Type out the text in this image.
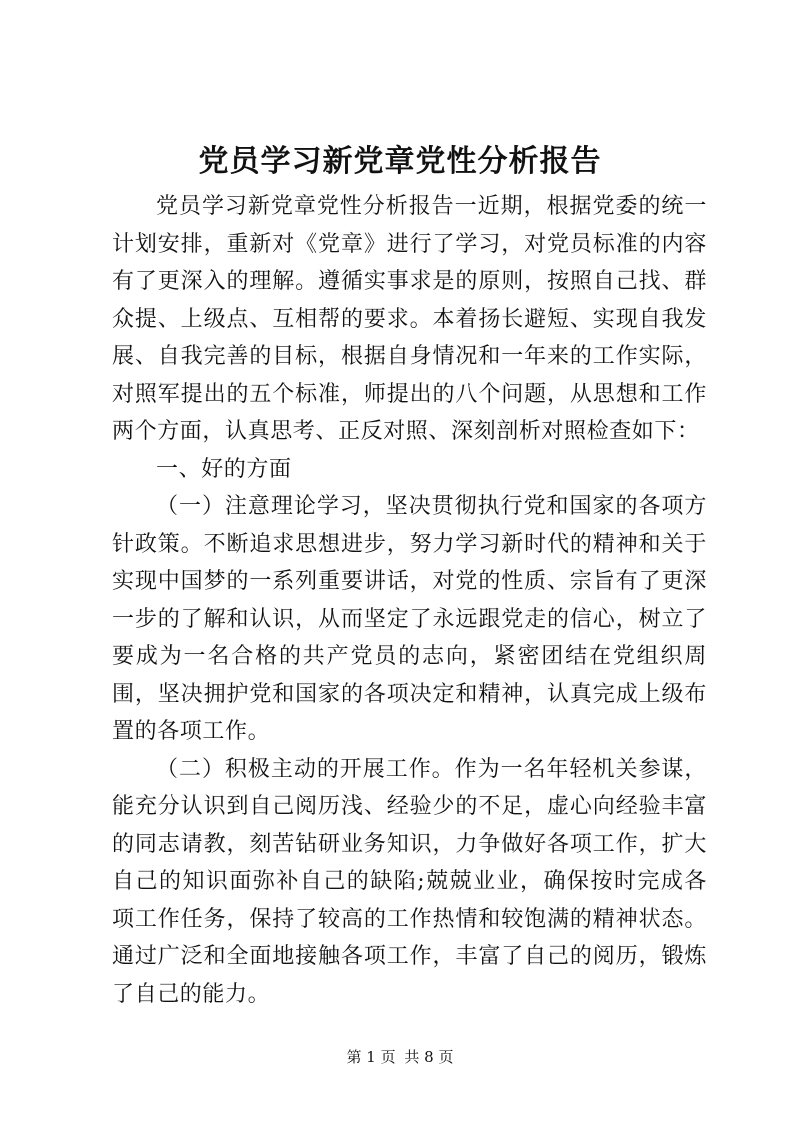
党员学习新党章党性分析报告

党员学习新党章党性分析报告一近期，根据党委的统一计划安排，重新对《党章》进行了学习，对党员标准的内容有了更深入的理解。遵循实事求是的原则，按照自己找、群众提、上级点、互相帮的要求。本着扬长避短、实现自我发展、自我完善的目标，根据自身情况和一年来的工作实际，对照军提出的五个标准，师提出的八个问题，从思想和工作两个方面，认真思考、正反对照、深刻剖析对照检查如下：

一、好的方面

（一）注意理论学习，坚决贯彻执行党和国家的各项方针政策。不断追求思想进步，努力学习新时代的精神和关于实现中国梦的一系列重要讲话，对党的性质、宗旨有了更深一步的了解和认识，从而坚定了永远跟党走的信心，树立了要成为一名合格的共产党员的志向，紧密团结在党组织周围，坚决拥护党和国家的各项决定和精神，认真完成上级布置的各项工作。

（二）积极主动的开展工作。作为一名年轻机关参谋，能充分认识到自己阅历浅、经验少的不足，虚心向经验丰富的同志请教，刻苦钻研业务知识，力争做好各项工作，扩大自己的知识面弥补自己的缺陷;兢兢业业，确保按时完成各项工作任务，保持了较高的工作热情和较饱满的精神状态。通过广泛和全面地接触各项工作，丰富了自己的阅历，锻炼了自己的能力。

第 1 页 共 8 页
